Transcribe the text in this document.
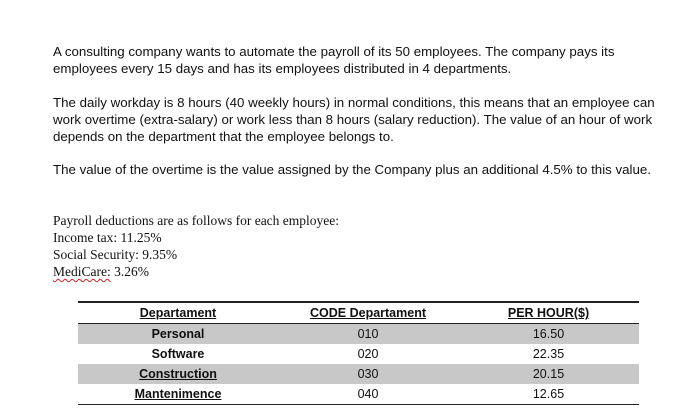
A consulting company wants to automate the payroll of its 50 employees. The company pays its employees every 15 days and has its employees distributed in 4 departments.

The daily workday is 8 hours (40 weekly hours) in normal conditions, this means that an employee can work overtime (extra-salary) or work less than 8 hours (salary reduction). The value of an hour of work depends on the department that the employee belongs to.

The value of the overtime is the value assigned by the Company plus an additional 4.5% to this value.

Payroll deductions are as follows for each employee:
Income tax: 11.25%
Social Security: 9.35%
MediCare: 3.26%
Departament	CODE Departament	PER HOUR($)
Personal	010	16.50
Software	020	22.35
Construction	030	20.15
Mantenimence	040	12.65
